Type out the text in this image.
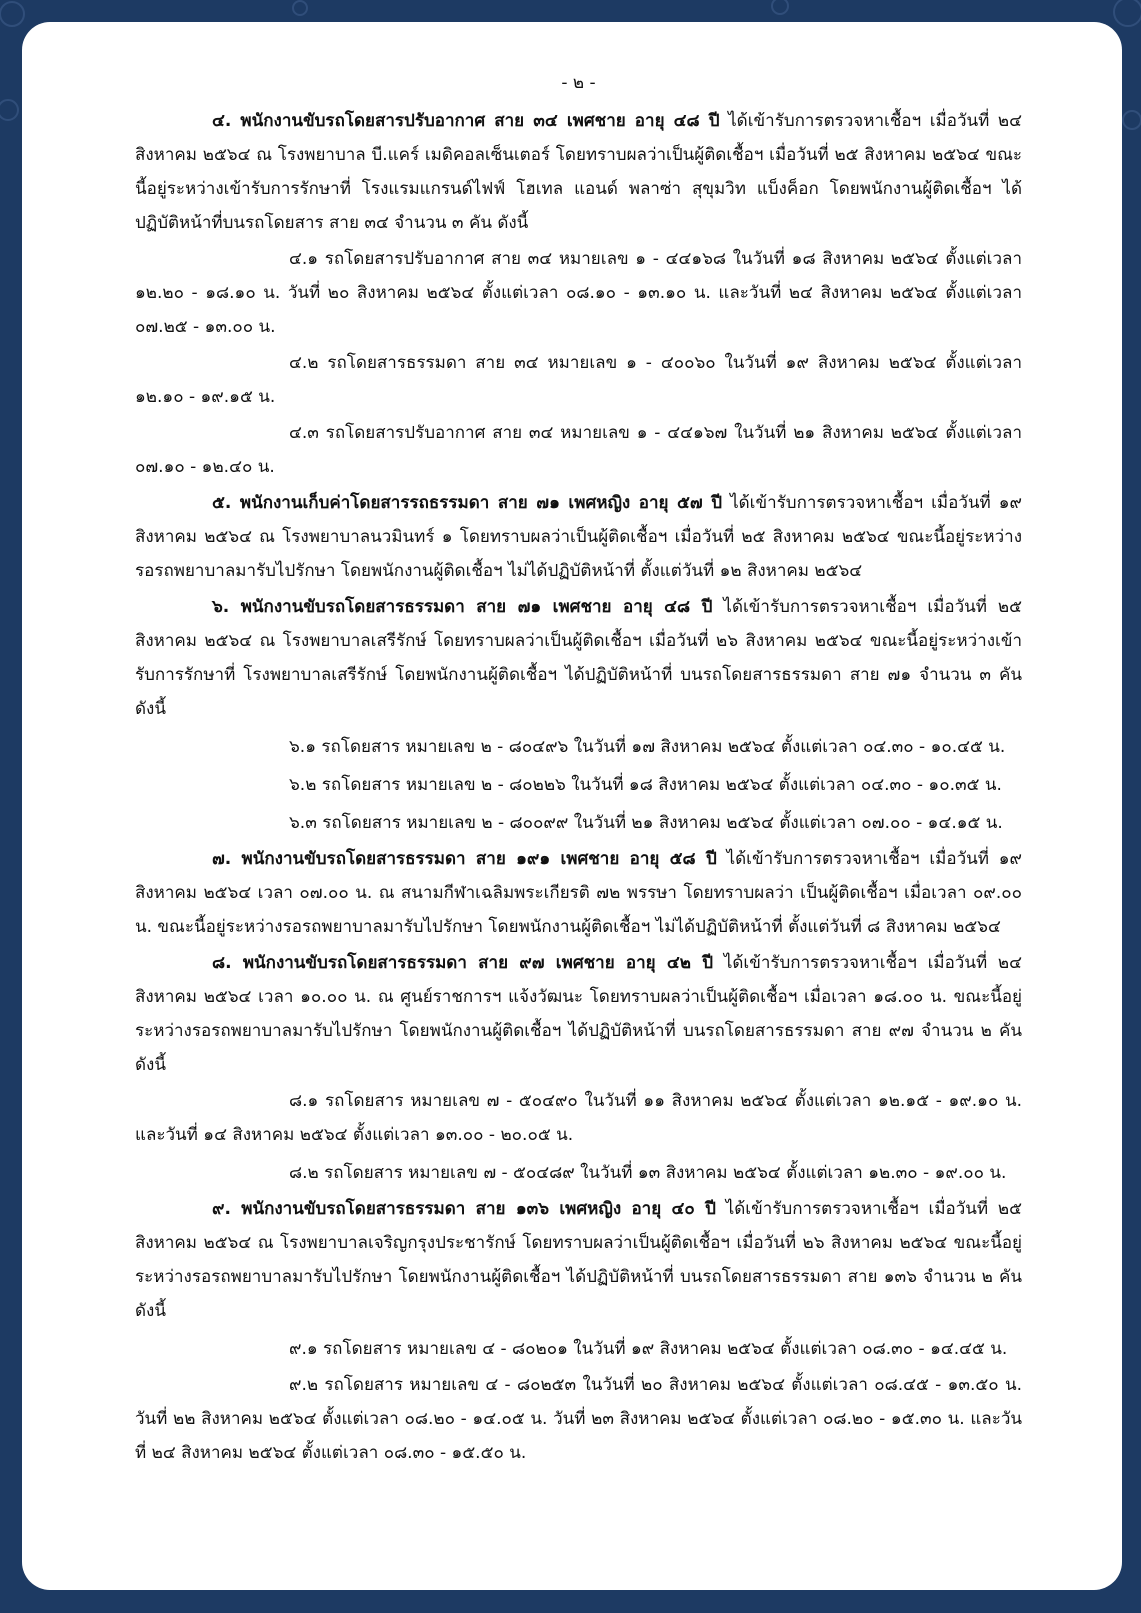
- ๒ -

๔. พนักงานขับรถโดยสารปรับอากาศ สาย ๓๔ เพศชาย อายุ ๔๘ ปี ได้เข้ารับการตรวจหาเชื้อฯ เมื่อวันที่ ๒๔ สิงหาคม ๒๕๖๔ ณ โรงพยาบาล บี.แคร์ เมดิคอลเซ็นเตอร์ โดยทราบผลว่าเป็นผู้ติดเชื้อฯ เมื่อวันที่ ๒๕ สิงหาคม ๒๕๖๔ ขณะนี้อยู่ระหว่างเข้ารับการรักษาที่ โรงแรมแกรนด์ไฟฟ์ โฮเทล แอนด์ พลาซ่า สุขุมวิท แบ็งค็อก โดยพนักงานผู้ติดเชื้อฯ ได้ปฏิบัติหน้าที่บนรถโดยสาร สาย ๓๔ จำนวน ๓ คัน ดังนี้

๔.๑ รถโดยสารปรับอากาศ สาย ๓๔ หมายเลข ๑ - ๔๔๑๖๘ ในวันที่ ๑๘ สิงหาคม ๒๕๖๔ ตั้งแต่เวลา ๑๒.๒๐ - ๑๘.๑๐ น. วันที่ ๒๐ สิงหาคม ๒๕๖๔ ตั้งแต่เวลา ๐๘.๑๐ - ๑๓.๑๐ น. และวันที่ ๒๔ สิงหาคม ๒๕๖๔ ตั้งแต่เวลา ๐๗.๒๕ - ๑๓.๐๐ น.

๔.๒ รถโดยสารธรรมดา สาย ๓๔ หมายเลข ๑ - ๔๐๐๖๐ ในวันที่ ๑๙ สิงหาคม ๒๕๖๔ ตั้งแต่เวลา ๑๒.๑๐ - ๑๙.๑๕ น.

๔.๓ รถโดยสารปรับอากาศ สาย ๓๔ หมายเลข ๑ - ๔๔๑๖๗ ในวันที่ ๒๑ สิงหาคม ๒๕๖๔ ตั้งแต่เวลา ๐๗.๑๐ - ๑๒.๔๐ น.

๕. พนักงานเก็บค่าโดยสารรถธรรมดา สาย ๗๑ เพศหญิง อายุ ๕๗ ปี ได้เข้ารับการตรวจหาเชื้อฯ เมื่อวันที่ ๑๙ สิงหาคม ๒๕๖๔ ณ โรงพยาบาลนวมินทร์ ๑ โดยทราบผลว่าเป็นผู้ติดเชื้อฯ เมื่อวันที่ ๒๕ สิงหาคม ๒๕๖๔ ขณะนี้อยู่ระหว่างรอรถพยาบาลมารับไปรักษา โดยพนักงานผู้ติดเชื้อฯ ไม่ได้ปฏิบัติหน้าที่ ตั้งแต่วันที่ ๑๒ สิงหาคม ๒๕๖๔

๖. พนักงานขับรถโดยสารธรรมดา สาย ๗๑ เพศชาย อายุ ๔๘ ปี ได้เข้ารับการตรวจหาเชื้อฯ เมื่อวันที่ ๒๕ สิงหาคม ๒๕๖๔ ณ โรงพยาบาลเสรีรักษ์ โดยทราบผลว่าเป็นผู้ติดเชื้อฯ เมื่อวันที่ ๒๖ สิงหาคม ๒๕๖๔ ขณะนี้อยู่ระหว่างเข้ารับการรักษาที่ โรงพยาบาลเสรีรักษ์ โดยพนักงานผู้ติดเชื้อฯ ได้ปฏิบัติหน้าที่ บนรถโดยสารธรรมดา สาย ๗๑ จำนวน ๓ คัน ดังนี้

๖.๑ รถโดยสาร หมายเลข ๒ - ๘๐๔๙๖ ในวันที่ ๑๗ สิงหาคม ๒๕๖๔ ตั้งแต่เวลา ๐๔.๓๐ - ๑๐.๔๕ น.

๖.๒ รถโดยสาร หมายเลข ๒ - ๘๐๒๒๖ ในวันที่ ๑๘ สิงหาคม ๒๕๖๔ ตั้งแต่เวลา ๐๔.๓๐ - ๑๐.๓๕ น.

๖.๓ รถโดยสาร หมายเลข ๒ - ๘๐๐๙๙ ในวันที่ ๒๑ สิงหาคม ๒๕๖๔ ตั้งแต่เวลา ๐๗.๐๐ - ๑๔.๑๕ น.

๗. พนักงานขับรถโดยสารธรรมดา สาย ๑๙๑ เพศชาย อายุ ๕๘ ปี ได้เข้ารับการตรวจหาเชื้อฯ เมื่อวันที่ ๑๙ สิงหาคม ๒๕๖๔ เวลา ๐๗.๐๐ น. ณ สนามกีฬาเฉลิมพระเกียรติ ๗๒ พรรษา โดยทราบผลว่า เป็นผู้ติดเชื้อฯ เมื่อเวลา ๐๙.๐๐ น. ขณะนี้อยู่ระหว่างรอรถพยาบาลมารับไปรักษา โดยพนักงานผู้ติดเชื้อฯ ไม่ได้ปฏิบัติหน้าที่ ตั้งแต่วันที่ ๘ สิงหาคม ๒๕๖๔

๘. พนักงานขับรถโดยสารธรรมดา สาย ๙๗ เพศชาย อายุ ๔๒ ปี ได้เข้ารับการตรวจหาเชื้อฯ เมื่อวันที่ ๒๔ สิงหาคม ๒๕๖๔ เวลา ๑๐.๐๐ น. ณ ศูนย์ราชการฯ แจ้งวัฒนะ โดยทราบผลว่าเป็นผู้ติดเชื้อฯ เมื่อเวลา ๑๘.๐๐ น. ขณะนี้อยู่ระหว่างรอรถพยาบาลมารับไปรักษา โดยพนักงานผู้ติดเชื้อฯ ได้ปฏิบัติหน้าที่ บนรถโดยสารธรรมดา สาย ๙๗ จำนวน ๒ คัน ดังนี้

๘.๑ รถโดยสาร หมายเลข ๗ - ๕๐๔๙๐ ในวันที่ ๑๑ สิงหาคม ๒๕๖๔ ตั้งแต่เวลา ๑๒.๑๕ - ๑๙.๑๐ น. และวันที่ ๑๔ สิงหาคม ๒๕๖๔ ตั้งแต่เวลา ๑๓.๐๐ - ๒๐.๐๕ น.

๘.๒ รถโดยสาร หมายเลข ๗ - ๕๐๔๘๙ ในวันที่ ๑๓ สิงหาคม ๒๕๖๔ ตั้งแต่เวลา ๑๒.๓๐ - ๑๙.๐๐ น.

๙. พนักงานขับรถโดยสารธรรมดา สาย ๑๓๖ เพศหญิง อายุ ๔๐ ปี ได้เข้ารับการตรวจหาเชื้อฯ เมื่อวันที่ ๒๕ สิงหาคม ๒๕๖๔ ณ โรงพยาบาลเจริญกรุงประชารักษ์ โดยทราบผลว่าเป็นผู้ติดเชื้อฯ เมื่อวันที่ ๒๖ สิงหาคม ๒๕๖๔ ขณะนี้อยู่ระหว่างรอรถพยาบาลมารับไปรักษา โดยพนักงานผู้ติดเชื้อฯ ได้ปฏิบัติหน้าที่ บนรถโดยสารธรรมดา สาย ๑๓๖ จำนวน ๒ คัน ดังนี้

๙.๑ รถโดยสาร หมายเลข ๔ - ๘๐๒๐๑ ในวันที่ ๑๙ สิงหาคม ๒๕๖๔ ตั้งแต่เวลา ๐๘.๓๐ - ๑๔.๔๕ น.

๙.๒ รถโดยสาร หมายเลข ๔ - ๘๐๒๕๓ ในวันที่ ๒๐ สิงหาคม ๒๕๖๔ ตั้งแต่เวลา ๐๘.๔๕ - ๑๓.๕๐ น. วันที่ ๒๒ สิงหาคม ๒๕๖๔ ตั้งแต่เวลา ๐๘.๒๐ - ๑๔.๐๕ น. วันที่ ๒๓ สิงหาคม ๒๕๖๔ ตั้งแต่เวลา ๐๘.๒๐ - ๑๕.๓๐ น. และวันที่ ๒๔ สิงหาคม ๒๕๖๔ ตั้งแต่เวลา ๐๘.๓๐ - ๑๕.๕๐ น.
